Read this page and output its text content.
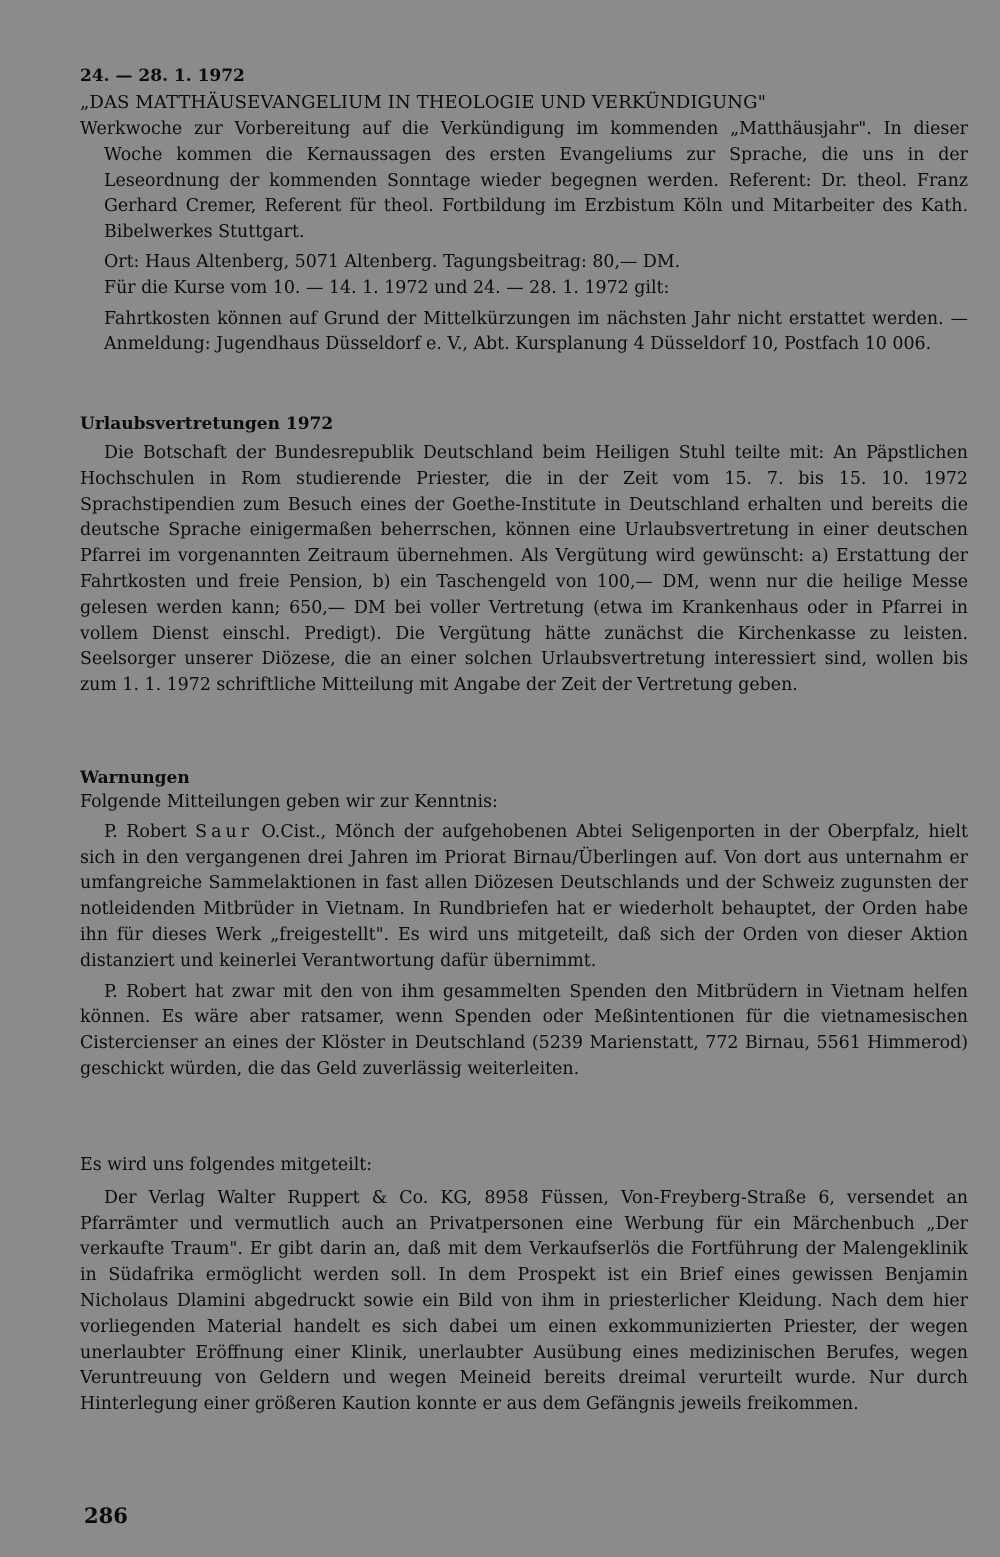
24. — 28. 1. 1972

„DAS MATTHÄUSEVANGELIUM IN THEOLOGIE UND VERKÜNDIGUNG"

Werkwoche zur Vorbereitung auf die Verkündigung im kommenden „Matthäusjahr". In dieser Woche kommen die Kernaussagen des ersten Evangeliums zur Sprache, die uns in der Leseordnung der kommenden Sonntage wieder begegnen werden. Referent: Dr. theol. Franz Gerhard Cremer, Referent für theol. Fortbildung im Erzbistum Köln und Mitarbeiter des Kath. Bibelwerkes Stuttgart.

Ort: Haus Altenberg, 5071 Altenberg. Tagungsbeitrag: 80,— DM.

Für die Kurse vom 10. — 14. 1. 1972 und 24. — 28. 1. 1972 gilt:

Fahrtkosten können auf Grund der Mittelkürzungen im nächsten Jahr nicht erstattet werden. — Anmeldung: Jugendhaus Düsseldorf e. V., Abt. Kursplanung 4 Düsseldorf 10, Postfach 10 006.

Urlaubsvertretungen 1972

Die Botschaft der Bundesrepublik Deutschland beim Heiligen Stuhl teilte mit: An Päpstlichen Hochschulen in Rom studierende Priester, die in der Zeit vom 15. 7. bis 15. 10. 1972 Sprachstipendien zum Besuch eines der Goethe-Institute in Deutschland erhalten und bereits die deutsche Sprache einigermaßen beherrschen, können eine Urlaubsvertretung in einer deutschen Pfarrei im vorgenannten Zeitraum übernehmen. Als Vergütung wird gewünscht: a) Erstattung der Fahrtkosten und freie Pension, b) ein Taschengeld von 100,— DM, wenn nur die heilige Messe gelesen werden kann; 650,— DM bei voller Vertretung (etwa im Krankenhaus oder in Pfarrei in vollem Dienst einschl. Predigt). Die Vergütung hätte zunächst die Kirchenkasse zu leisten. Seelsorger unserer Diözese, die an einer solchen Urlaubsvertretung interessiert sind, wollen bis zum 1. 1. 1972 schriftliche Mitteilung mit Angabe der Zeit der Vertretung geben.

Warnungen

Folgende Mitteilungen geben wir zur Kenntnis:

P. Robert Saur O.Cist., Mönch der aufgehobenen Abtei Seligenporten in der Oberpfalz, hielt sich in den vergangenen drei Jahren im Priorat Birnau/Überlingen auf. Von dort aus unternahm er umfangreiche Sammelaktionen in fast allen Diözesen Deutschlands und der Schweiz zugunsten der notleidenden Mitbrüder in Vietnam. In Rundbriefen hat er wiederholt behauptet, der Orden habe ihn für dieses Werk „freigestellt". Es wird uns mitgeteilt, daß sich der Orden von dieser Aktion distanziert und keinerlei Verantwortung dafür übernimmt.

P. Robert hat zwar mit den von ihm gesammelten Spenden den Mitbrüdern in Vietnam helfen können. Es wäre aber ratsamer, wenn Spenden oder Meßintentionen für die vietnamesischen Cistercienser an eines der Klöster in Deutschland (5239 Marienstatt, 772 Birnau, 5561 Himmerod) geschickt würden, die das Geld zuverlässig weiterleiten.

Es wird uns folgendes mitgeteilt:

Der Verlag Walter Ruppert & Co. KG, 8958 Füssen, Von-Freyberg-Straße 6, versendet an Pfarrämter und vermutlich auch an Privatpersonen eine Werbung für ein Märchenbuch „Der verkaufte Traum". Er gibt darin an, daß mit dem Verkaufserlös die Fortführung der Malengeklinik in Südafrika ermöglicht werden soll. In dem Prospekt ist ein Brief eines gewissen Benjamin Nicholaus Dlamini abgedruckt sowie ein Bild von ihm in priesterlicher Kleidung. Nach dem hier vorliegenden Material handelt es sich dabei um einen exkommunizierten Priester, der wegen unerlaubter Eröffnung einer Klinik, unerlaubter Ausübung eines medizinischen Berufes, wegen Veruntreuung von Geldern und wegen Meineid bereits dreimal verurteilt wurde. Nur durch Hinterlegung einer größeren Kaution konnte er aus dem Gefängnis jeweils freikommen.

286
